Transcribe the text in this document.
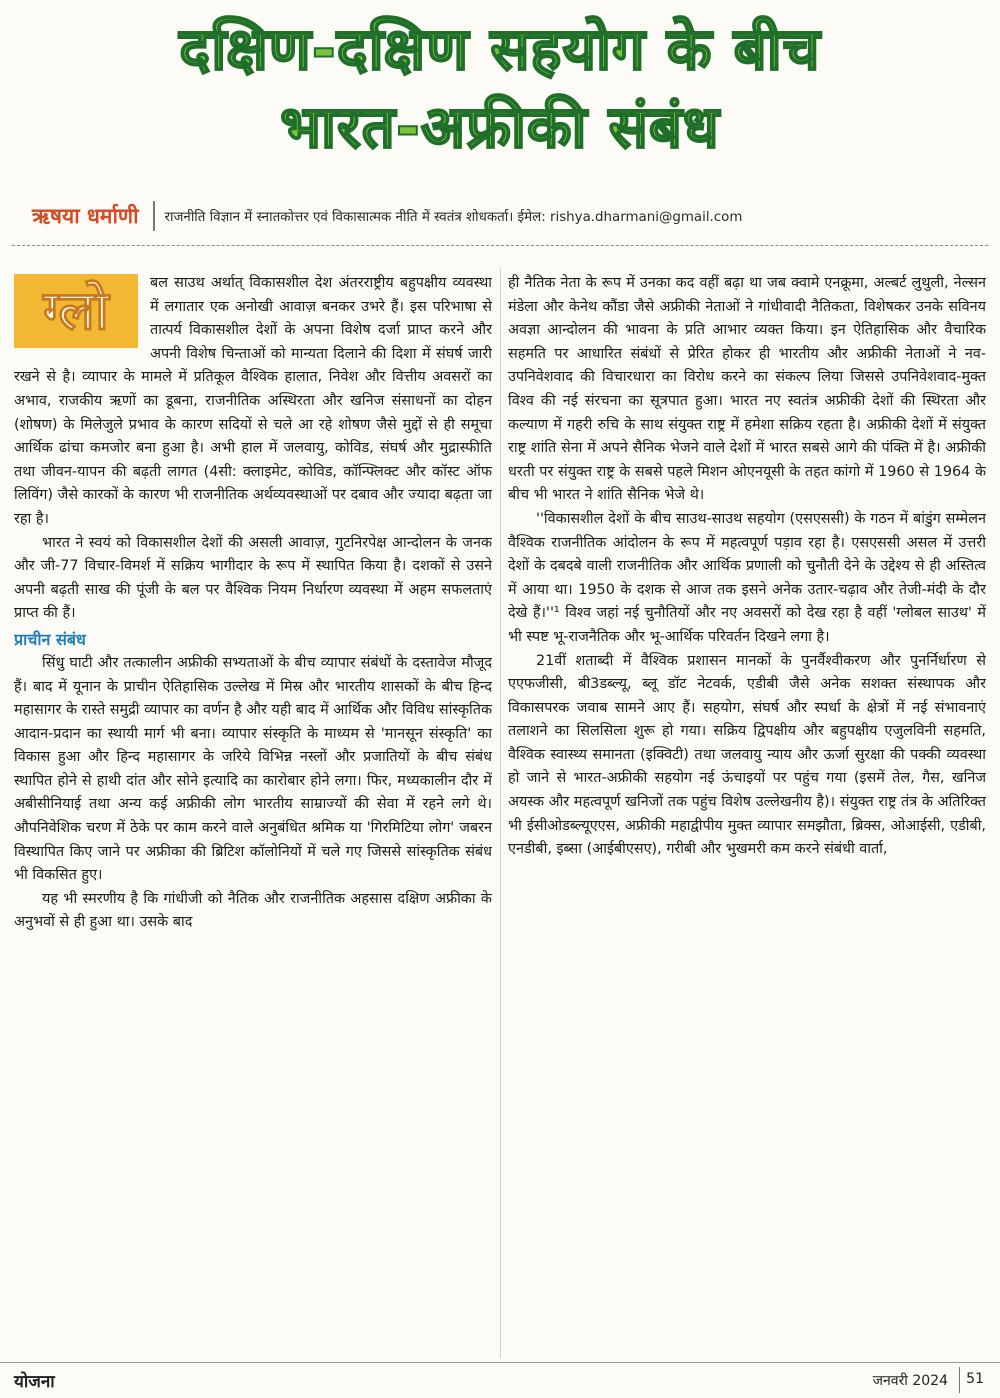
दक्षिण-दक्षिण सहयोग के बीच
भारत-अफ्रीकी संबंध
ऋषया धर्माणी	राजनीति विज्ञान में स्नातकोत्तर एवं विकासात्मक नीति में स्वतंत्र शोधकर्ता। ईमेल: rishya.dharmani@gmail.com
ग्लो	बल साउथ अर्थात् विकासशील देश अंतरराष्ट्रीय बहुपक्षीय व्यवस्था में लगातार एक अनोखी आवाज़ बनकर उभरे हैं। इस परिभाषा से तात्पर्य विकासशील देशों के अपना विशेष दर्जा प्राप्त करने और अपनी विशेष चिन्ताओं को मान्यता दिलाने की दिशा में संघर्ष जारी रखने से है। व्यापार के मामले में प्रतिकूल वैश्विक हालात, निवेश और वित्तीय अवसरों का अभाव, राजकीय ऋणों का डूबना, राजनीतिक अस्थिरता और खनिज संसाधनों का दोहन (शोषण) के मिलेजुले प्रभाव के कारण सदियों से चले आ रहे शोषण जैसे मुद्दों से ही समूचा आर्थिक ढांचा कमजोर बना हुआ है। अभी हाल में जलवायु, कोविड, संघर्ष और मुद्रास्फीति तथा जीवन-यापन की बढ़ती लागत (4सी: क्लाइमेट, कोविड, कॉन्फ्लिक्ट और कॉस्ट ऑफ लिविंग) जैसे कारकों के कारण भी राजनीतिक अर्थव्यवस्थाओं पर दबाव और ज्यादा बढ़ता जा रहा है।

भारत ने स्वयं को विकासशील देशों की असली आवाज़, गुटनिरपेक्ष आन्दोलन के जनक और जी-77 विचार-विमर्श में सक्रिय भागीदार के रूप में स्थापित किया है। दशकों से उसने अपनी बढ़ती साख की पूंजी के बल पर वैश्विक नियम निर्धारण व्यवस्था में अहम सफलताएं प्राप्त की हैं।

प्राचीन संबंध

सिंधु घाटी और तत्कालीन अफ्रीकी सभ्यताओं के बीच व्यापार संबंधों के दस्तावेज मौजूद हैं। बाद में यूनान के प्राचीन ऐतिहासिक उल्लेख में मिस्र और भारतीय शासकों के बीच हिन्द महासागर के रास्ते समुद्री व्यापार का वर्णन है और यही बाद में आर्थिक और विविध सांस्कृतिक आदान-प्रदान का स्थायी मार्ग भी बना। व्यापार संस्कृति के माध्यम से 'मानसून संस्कृति' का विकास हुआ और हिन्द महासागर के जरिये विभिन्न नस्लों और प्रजातियों के बीच संबंध स्थापित होने से हाथी दांत और सोने इत्यादि का कारोबार होने लगा। फिर, मध्यकालीन दौर में अबीसीनियाई तथा अन्य कई अफ्रीकी लोग भारतीय साम्राज्यों की सेवा में रहने लगे थे। औपनिवेशिक चरण में ठेके पर काम करने वाले अनुबंधित श्रमिक या 'गिरमिटिया लोग' जबरन विस्थापित किए जाने पर अफ्रीका की ब्रिटिश कॉलोनियों में चले गए जिससे सांस्कृतिक संबंध भी विकसित हुए।

यह भी स्मरणीय है कि गांधीजी को नैतिक और राजनीतिक अहसास दक्षिण अफ्रीका के अनुभवों से ही हुआ था। उसके बाद

ही नैतिक नेता के रूप में उनका कद वहीं बढ़ा था जब क्वामे एनक्रूमा, अल्बर्ट लुथुली, नेल्सन मंडेला और केनेथ कौंडा जैसे अफ्रीकी नेताओं ने गांधीवादी नैतिकता, विशेषकर उनके सविनय अवज्ञा आन्दोलन की भावना के प्रति आभार व्यक्त किया। इन ऐतिहासिक और वैचारिक सहमति पर आधारित संबंधों से प्रेरित होकर ही भारतीय और अफ्रीकी नेताओं ने नव-उपनिवेशवाद की विचारधारा का विरोध करने का संकल्प लिया जिससे उपनिवेशवाद-मुक्त विश्व की नई संरचना का सूत्रपात हुआ। भारत नए स्वतंत्र अफ्रीकी देशों की स्थिरता और कल्याण में गहरी रुचि के साथ संयुक्त राष्ट्र में हमेशा सक्रिय रहता है। अफ्रीकी देशों में संयुक्त राष्ट्र शांति सेना में अपने सैनिक भेजने वाले देशों में भारत सबसे आगे की पंक्ति में है। अफ्रीकी धरती पर संयुक्त राष्ट्र के सबसे पहले मिशन ओएनयूसी के तहत कांगो में 1960 से 1964 के बीच भी भारत ने शांति सैनिक भेजे थे।

''विकासशील देशों के बीच साउथ-साउथ सहयोग (एसएससी) के गठन में बांडुंग सम्मेलन वैश्विक राजनीतिक आंदोलन के रूप में महत्वपूर्ण पड़ाव रहा है। एसएससी असल में उत्तरी देशों के दबदबे वाली राजनीतिक और आर्थिक प्रणाली को चुनौती देने के उद्देश्य से ही अस्तित्व में आया था। 1950 के दशक से आज तक इसने अनेक उतार-चढ़ाव और तेजी-मंदी के दौर देखे हैं।''¹ विश्व जहां नई चुनौतियों और नए अवसरों को देख रहा है वहीं 'ग्लोबल साउथ' में भी स्पष्ट भू-राजनैतिक और भू-आर्थिक परिवर्तन दिखने लगा है।

21वीं शताब्दी में वैश्विक प्रशासन मानकों के पुनर्वैश्वीकरण और पुनर्निर्धारण से एएफजीसी, बी3डब्ल्यू, ब्लू डॉट नेटवर्क, एडीबी जैसे अनेक सशक्त संस्थापक और विकासपरक जवाब सामने आए हैं। सहयोग, संघर्ष और स्पर्धा के क्षेत्रों में नई संभावनाएं तलाशने का सिलसिला शुरू हो गया। सक्रिय द्विपक्षीय और बहुपक्षीय एजुलविनी सहमति, वैश्विक स्वास्थ्य समानता (इक्विटी) तथा जलवायु न्याय और ऊर्जा सुरक्षा की पक्की व्यवस्था हो जाने से भारत-अफ्रीकी सहयोग नई ऊंचाइयों पर पहुंच गया (इसमें तेल, गैस, खनिज अयस्क और महत्वपूर्ण खनिजों तक पहुंच विशेष उल्लेखनीय है)। संयुक्त राष्ट्र तंत्र के अतिरिक्त भी ईसीओडब्ल्यूएएस, अफ्रीकी महाद्वीपीय मुक्त व्यापार समझौता, ब्रिक्स, ओआईसी, एडीबी, एनडीबी, इब्सा (आईबीएसए), गरीबी और भुखमरी कम करने संबंधी वार्ता,

योजना	जनवरी 2024 51
